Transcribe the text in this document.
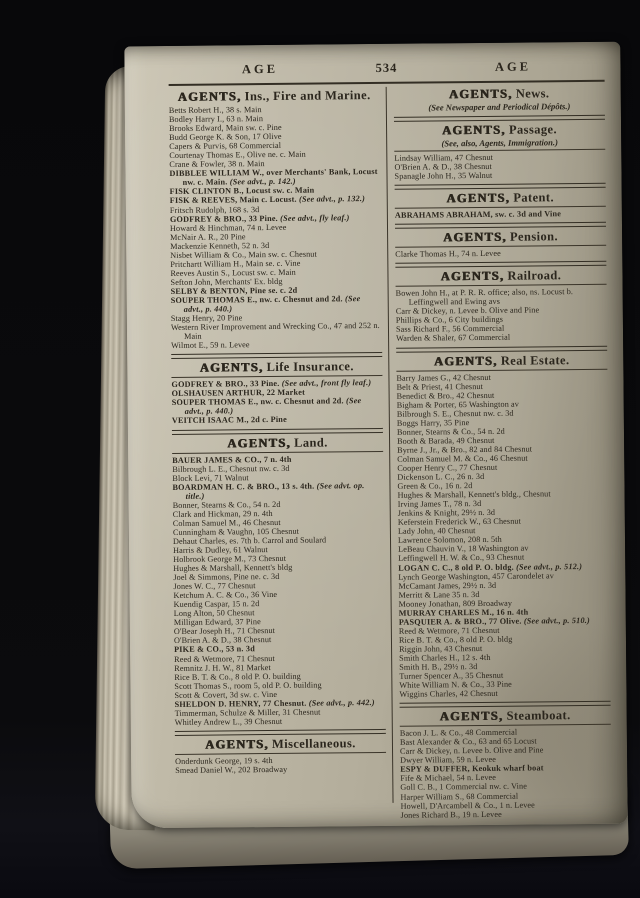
AGE	534	AGE
AGENTS, Ins., Fire and Marine.

Betts Robert H., 38 s. Main

Bodley Harry I., 63 n. Main

Brooks Edward, Main sw. c. Pine

Budd George K. & Son, 17 Olive

Capers & Purvis, 68 Commercial

Courtenay Thomas E., Olive ne. c. Main

Crane & Fowler, 38 n. Main

DIBBLEE WILLIAM W., over Merchants' Bank, Locust nw. c. Main. (See advt., p. 142.)

FISK CLINTON B., Locust sw. c. Main

FISK & REEVES, Main c. Locust. (See advt., p. 132.)

Fritsch Rudolph, 168 s. 3d

GODFREY & BRO., 33 Pine. (See advt., fly leaf.)

Howard & Hinchman, 74 n. Levee

McNair A. R., 20 Pine

Mackenzie Kenneth, 52 n. 3d

Nisbet William & Co., Main sw. c. Chesnut

Pritchartt William H., Main se. c. Vine

Reeves Austin S., Locust sw. c. Main

Sefton John, Merchants' Ex. bldg

SELBY & BENTON, Pine se. c. 2d

SOUPER THOMAS E., nw. c. Chesnut and 2d. (See advt., p. 440.)

Stagg Henry, 20 Pine

Western River Improvement and Wrecking Co., 47 and 252 n. Main

Wilmot E., 59 n. Levee

AGENTS, Life Insurance.

GODFREY & BRO., 33 Pine. (See advt., front fly leaf.)

OLSHAUSEN ARTHUR, 22 Market

SOUPER THOMAS E., nw. c. Chesnut and 2d. (See advt., p. 440.)

VEITCH ISAAC M., 2d c. Pine

AGENTS, Land.

BAUER JAMES & CO., 7 n. 4th

Bilbrough L. E., Chesnut nw. c. 3d

Block Levi, 71 Walnut

BOARDMAN H. C. & BRO., 13 s. 4th. (See advt. op. title.)

Bonner, Stearns & Co., 54 n. 2d

Clark and Hickman, 29 n. 4th

Colman Samuel M., 46 Chesnut

Cunningham & Vaughn, 105 Chesnut

Dehaut Charles, es. 7th b. Carrol and Soulard

Harris & Dudley, 61 Walnut

Holbrook George M., 73 Chesnut

Hughes & Marshall, Kennett's bldg

Joel & Simmons, Pine ne. c. 3d

Jones W. C., 77 Chesnut

Ketchum A. C. & Co., 36 Vine

Kuendig Caspar, 15 n. 2d

Long Alton, 50 Chesnut

Milligan Edward, 37 Pine

O'Bear Joseph H., 71 Chesnut

O'Brien A. & D., 38 Chesnut

PIKE & CO., 53 n. 3d

Reed & Wetmore, 71 Chesnut

Remnitz J. H. W., 81 Market

Rice B. T. & Co., 8 old P. O. building

Scott Thomas S., room 5, old P. O. building

Scott & Covert, 3d sw. c. Vine

SHELDON D. HENRY, 77 Chesnut. (See advt., p. 442.)

Timmerman, Schulze & Miller, 31 Chesnut

Whitley Andrew L., 39 Chesnut

AGENTS, Miscellaneous.

Onderdunk George, 19 s. 4th

Smead Daniel W., 202 Broadway

AGENTS, News.
(See Newspaper and Periodical Dépôts.)
AGENTS, Passage.
(See, also, Agents, Immigration.)

Lindsay William, 47 Chesnut

O'Brien A. & D., 38 Chesnut

Spanagle John H., 35 Walnut

AGENTS, Patent.

ABRAHAMS ABRAHAM, sw. c. 3d and Vine

AGENTS, Pension.

Clarke Thomas H., 74 n. Levee

AGENTS, Railroad.

Bowen John H., at P. R. R. office; also, ns. Locust b. Leffingwell and Ewing avs

Carr & Dickey, n. Levee b. Olive and Pine

Phillips & Co., 6 City buildings

Sass Richard F., 56 Commercial

Warden & Shaler, 67 Commercial

AGENTS, Real Estate.

Barry James G., 42 Chesnut

Belt & Priest, 41 Chesnut

Benedict & Bro., 42 Chesnut

Bigham & Porter, 65 Washington av

Bilbrough S. E., Chesnut nw. c. 3d

Boggs Harry, 35 Pine

Bonner, Stearns & Co., 54 n. 2d

Booth & Barada, 49 Chesnut

Byrne J., Jr., & Bro., 82 and 84 Chesnut

Colman Samuel M. & Co., 46 Chesnut

Cooper Henry C., 77 Chesnut

Dickenson L. C., 26 n. 3d

Green & Co., 16 n. 2d

Hughes & Marshall, Kennett's bldg., Chesnut

Irving James T., 78 n. 3d

Jenkins & Knight, 29½ n. 3d

Keferstein Frederick W., 63 Chesnut

Lady John, 40 Chesnut

Lawrence Solomon, 208 n. 5th

LeBeau Chauvin V., 18 Washington av

Leffingwell H. W. & Co., 93 Chesnut

LOGAN C. C., 8 old P. O. bldg. (See advt., p. 512.)

Lynch George Washington, 457 Carondelet av

McCamant James, 29½ n. 3d

Merritt & Lane 35 n. 3d

Mooney Jonathan, 809 Broadway

MURRAY CHARLES M., 16 n. 4th

PASQUIER A. & BRO., 77 Olive. (See advt., p. 510.)

Reed & Wetmore, 71 Chesnut

Rice B. T. & Co., 8 old P. O. bldg

Riggin John, 43 Chesnut

Smith Charles H., 12 s. 4th

Smith H. B., 29½ n. 3d

Turner Spencer A., 35 Chesnut

White William N. & Co., 33 Pine

Wiggins Charles, 42 Chesnut

AGENTS, Steamboat.

Bacon J. L. & Co., 48 Commercial

Bast Alexander & Co., 63 and 65 Locust

Carr & Dickey, n. Levee b. Olive and Pine

Dwyer William, 59 n. Levee

ESPY & DUFFER, Keokuk wharf boat

Fife & Michael, 54 n. Levee

Goll C. B., 1 Commercial nw. c. Vine

Harper William S., 68 Commercial

Howell, D'Arcambell & Co., 1 n. Levee

Jones Richard B., 19 n. Levee
